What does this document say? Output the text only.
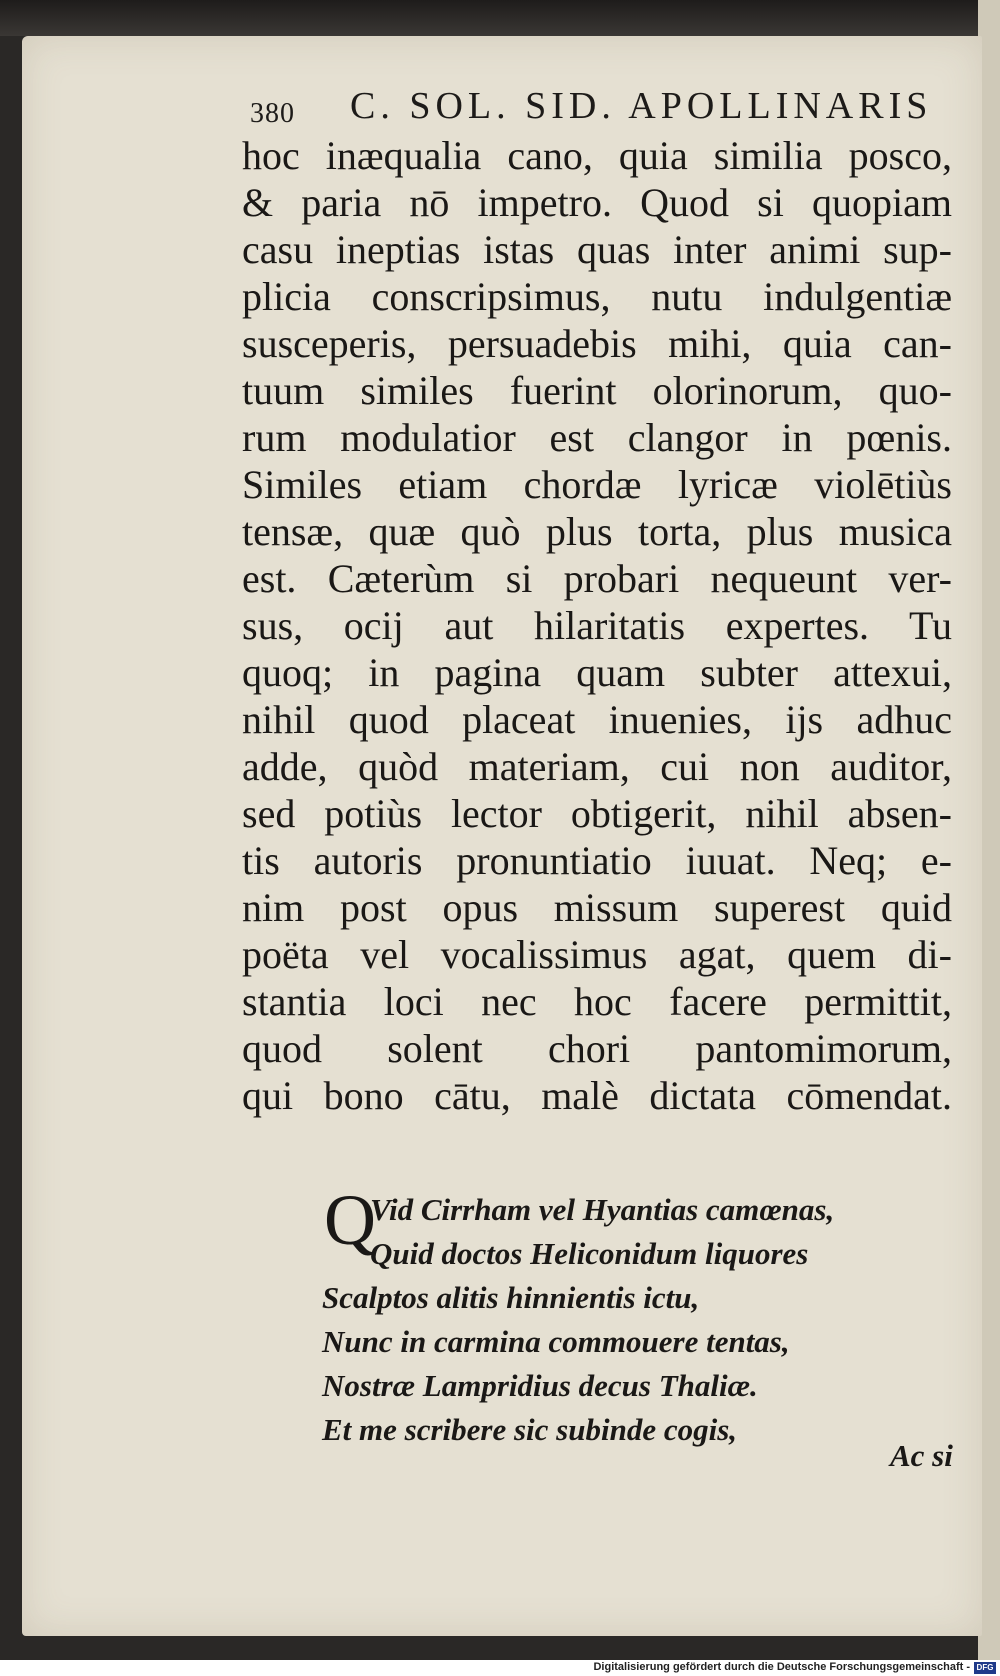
380 C. SOL. SID. APOLLINARIS
hoc inæqualia cano, quia similia posco,
& paria nō impetro. Quod si quopiam
casu ineptias istas quas inter animi sup-
plicia conscripsimus, nutu indulgentiæ
susceperis, persuadebis mihi, quia can-
tuum similes fuerint olorinorum, quo-
rum modulatior est clangor in pœnis.
Similes etiam chordæ lyricæ violētiùs
tensæ, quæ quò plus torta, plus musica
est. Cæterùm si probari nequeunt ver-
sus, ocij aut hilaritatis expertes. Tu
quoq; in pagina quam subter attexui,
nihil quod placeat inuenies, ijs adhuc
adde, quòd materiam, cui non auditor,
sed potiùs lector obtigerit, nihil absen-
tis autoris pronuntiatio iuuat. Neq; e-
nim post opus missum superest quid
poëta vel vocalissimus agat, quem di-
stantia loci nec hoc facere permittit,
quod solent chori pantomimorum,
qui bono cātu, malè dictata cōmendat.
Q
Vid Cirrham vel Hyantias camœnas,
Quid doctos Heliconidum liquores
Scalptos alitis hinnientis ictu,
Nunc in carmina commouere tentas,
Nostræ Lampridius decus Thaliæ.
Et me scribere sic subinde cogis,
Ac si
Digitalisierung gefördert durch die Deutsche Forschungsgemeinschaft - DFG
